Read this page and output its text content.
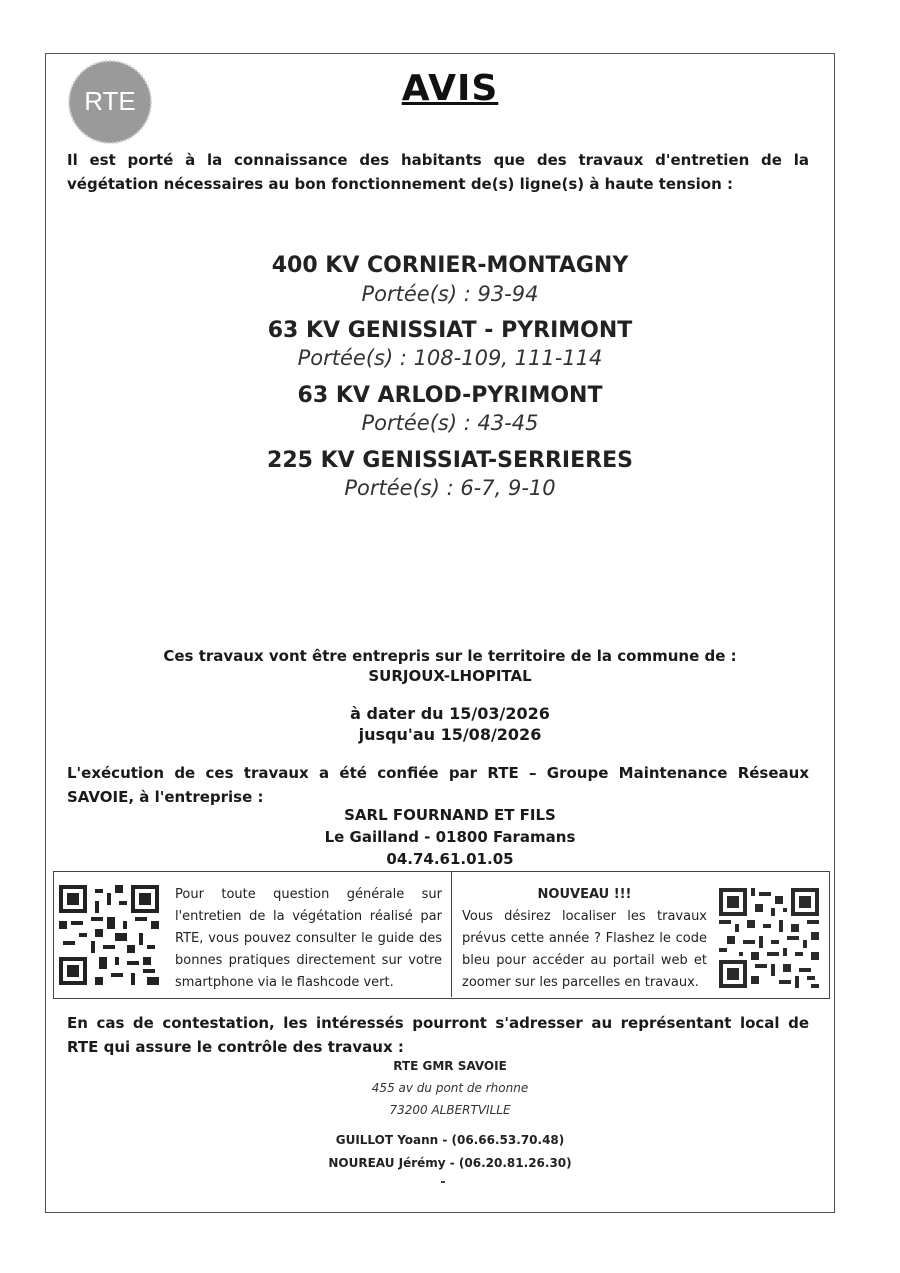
RTE	AVIS
Il est porté à la connaissance des habitants que des travaux d'entretien de la végétation nécessaires au bon fonctionnement de(s) ligne(s) à haute tension :
400 KV CORNIER-MONTAGNY
Portée(s) : 93-94
63 KV GENISSIAT - PYRIMONT
Portée(s) : 108-109, 111-114
63 KV ARLOD-PYRIMONT
Portée(s) : 43-45
225 KV GENISSIAT-SERRIERES
Portée(s) : 6-7, 9-10
Ces travaux vont être entrepris sur le territoire de la commune de :
SURJOUX-LHOPITAL
à dater du 15/03/2026
jusqu'au 15/08/2026
L'exécution de ces travaux a été confiée par RTE – Groupe Maintenance Réseaux SAVOIE, à l'entreprise :
SARL FOURNAND ET FILS
Le Gailland - 01800 Faramans
04.74.61.01.05
Pour toute question générale sur l'entretien de la végétation réalisé par RTE, vous pouvez consulter le guide des bonnes pratiques directement sur votre smartphone via le flashcode vert.
NOUVEAU !!!
Vous désirez localiser les travaux prévus cette année ? Flashez le code bleu pour accéder au portail web et zoomer sur les parcelles en travaux.
En cas de contestation, les intéressés pourront s'adresser au représentant local de RTE qui assure le contrôle des travaux :
RTE GMR SAVOIE
455 av du pont de rhonne
73200 ALBERTVILLE
GUILLOT Yoann - (06.66.53.70.48)
NOUREAU Jérémy - (06.20.81.26.30)
